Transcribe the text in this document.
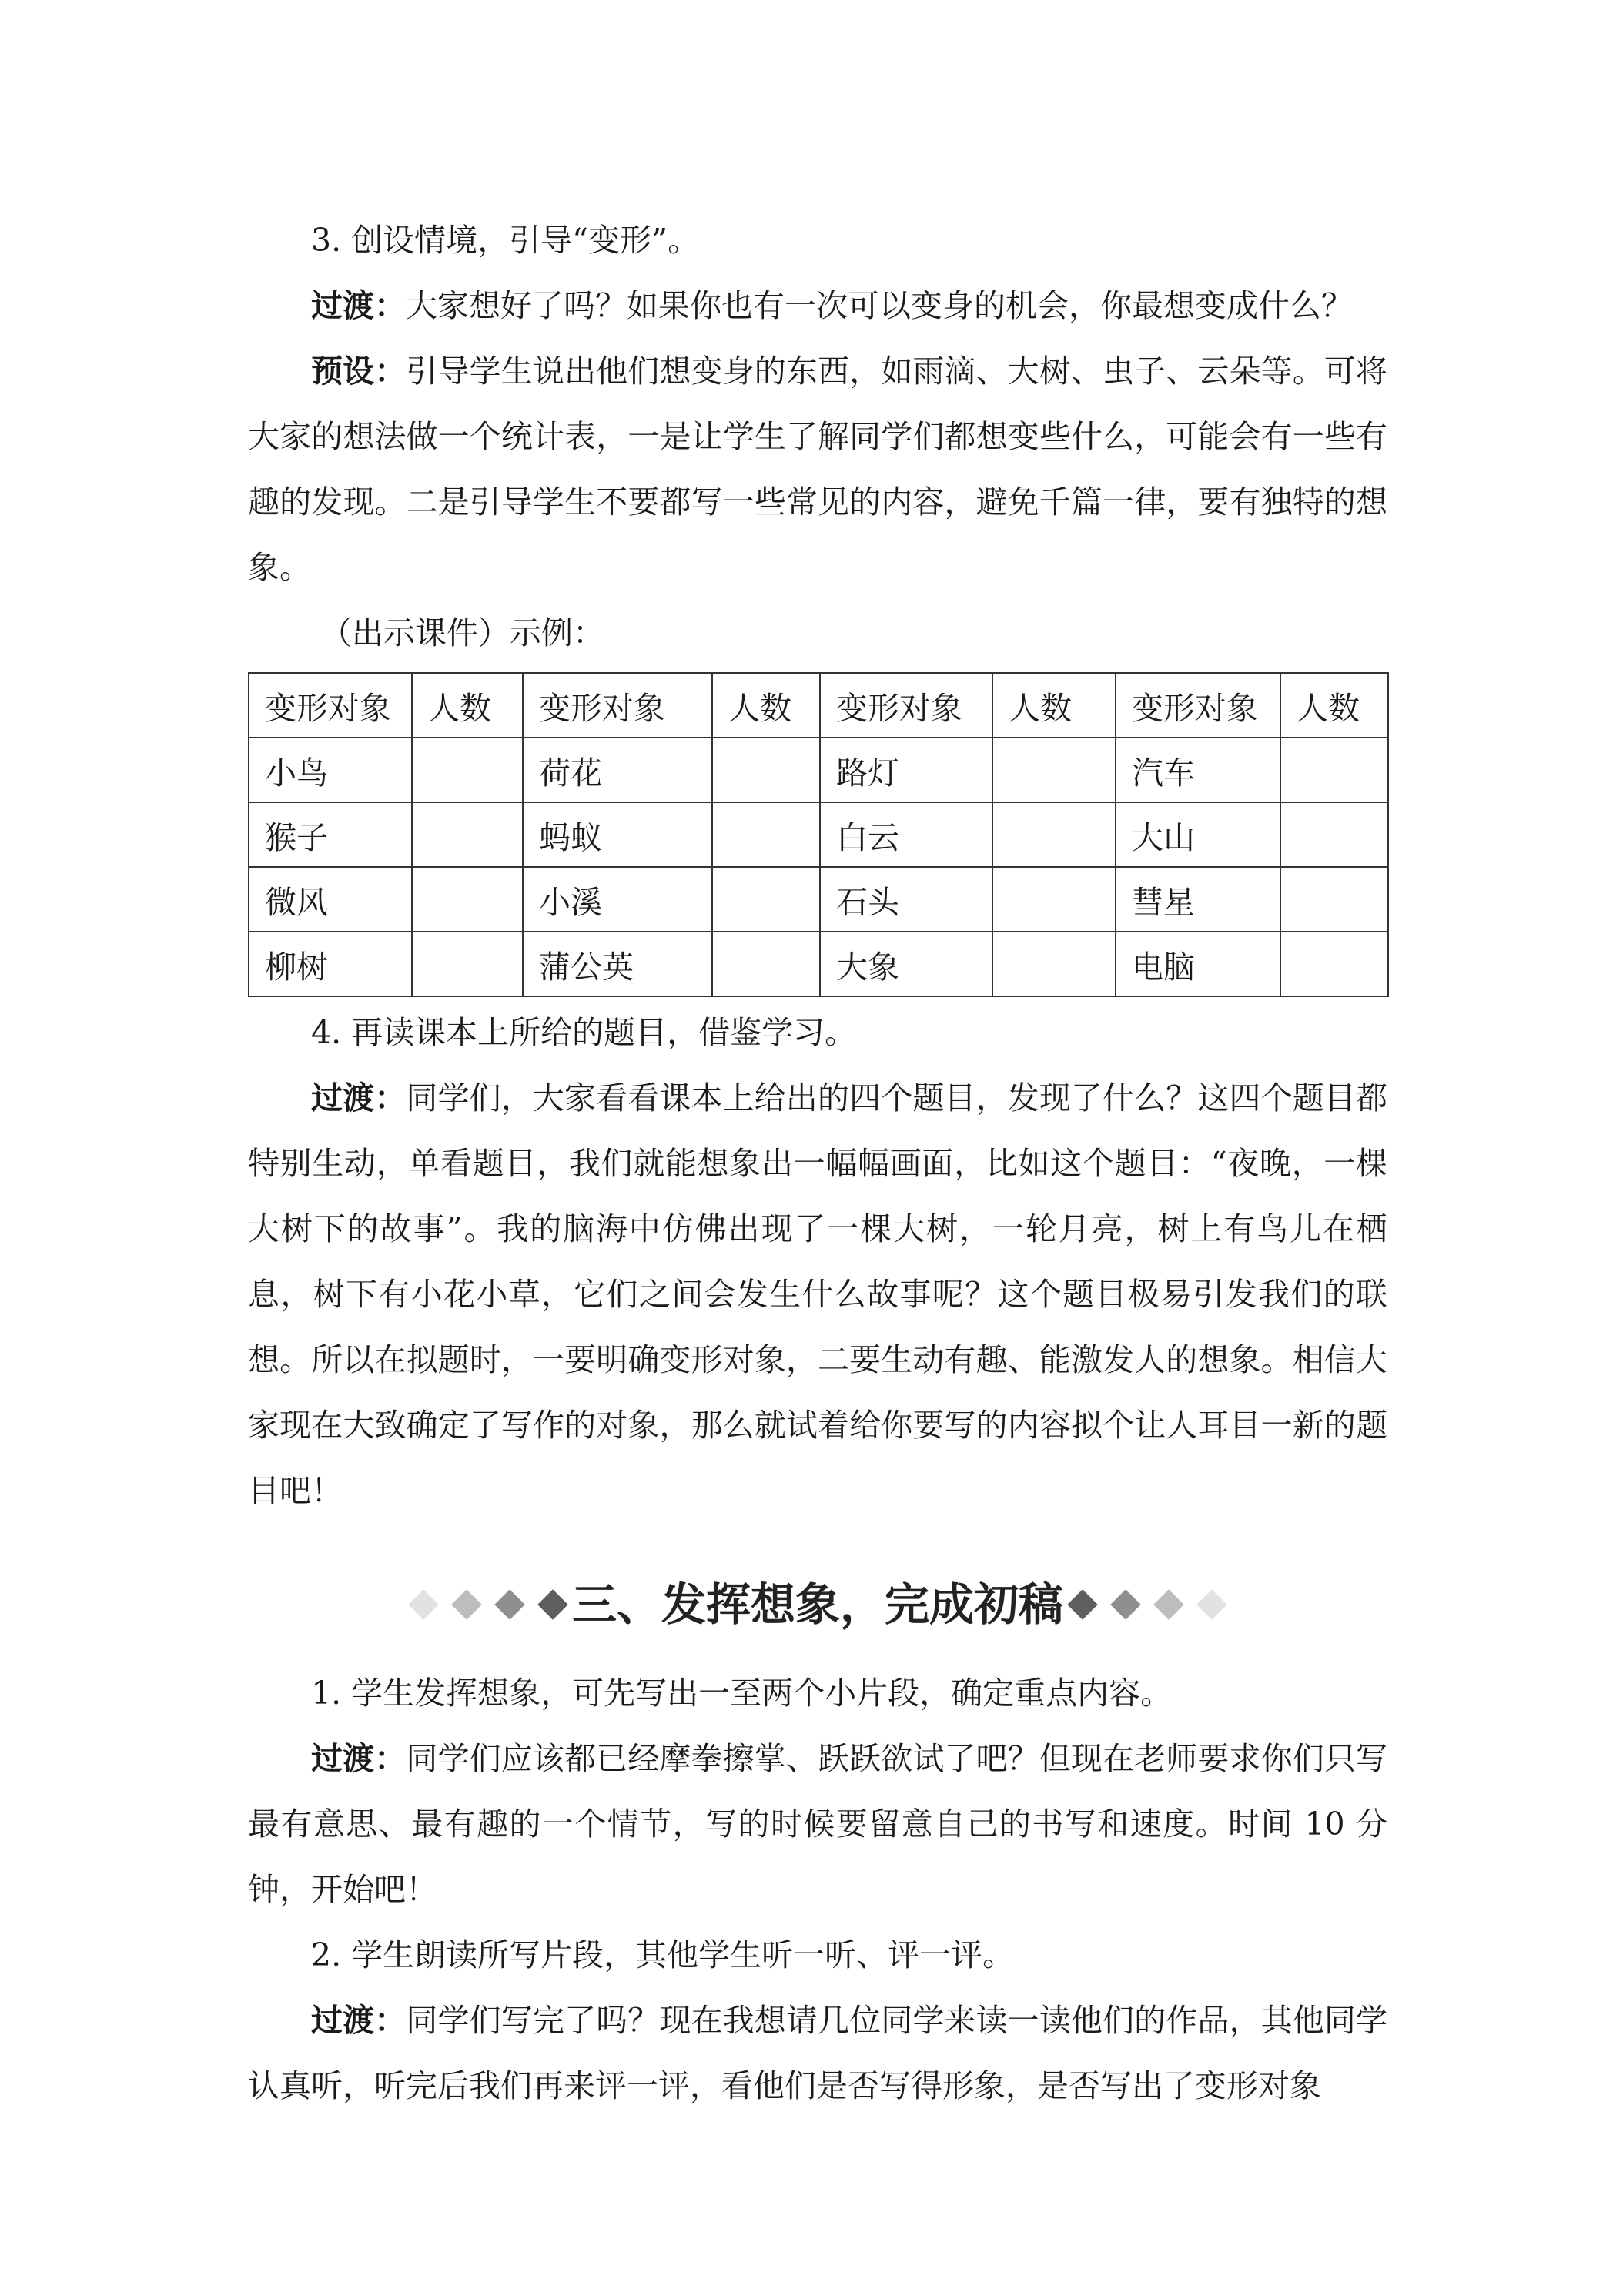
3. 创设情境，引导“变形”。

过渡：大家想好了吗？如果你也有一次可以变身的机会，你最想变成什么？

预设：引导学生说出他们想变身的东西，如雨滴、大树、虫子、云朵等。可将大家的想法做一个统计表，一是让学生了解同学们都想变些什么，可能会有一些有趣的发现。二是引导学生不要都写一些常见的内容，避免千篇一律，要有独特的想象。

（出示课件）示例：

变形对象	人数	变形对象	人数	变形对象	人数	变形对象	人数
小鸟		荷花		路灯		汽车	
猴子		蚂蚁		白云		大山	
微风		小溪		石头		彗星	
柳树		蒲公英		大象		电脑	

4. 再读课本上所给的题目，借鉴学习。

过渡：同学们，大家看看课本上给出的四个题目，发现了什么？这四个题目都特别生动，单看题目，我们就能想象出一幅幅画面，比如这个题目：“夜晚，一棵大树下的故事”。我的脑海中仿佛出现了一棵大树，一轮月亮，树上有鸟儿在栖息，树下有小花小草，它们之间会发生什么故事呢？这个题目极易引发我们的联想。所以在拟题时，一要明确变形对象，二要生动有趣、能激发人的想象。相信大家现在大致确定了写作的对象，那么就试着给你要写的内容拟个让人耳目一新的题目吧！

三、发挥想象，完成初稿

1. 学生发挥想象，可先写出一至两个小片段，确定重点内容。

过渡：同学们应该都已经摩拳擦掌、跃跃欲试了吧？但现在老师要求你们只写最有意思、最有趣的一个情节，写的时候要留意自己的书写和速度。时间 10 分钟，开始吧！

2. 学生朗读所写片段，其他学生听一听、评一评。

过渡：同学们写完了吗？现在我想请几位同学来读一读他们的作品，其他同学认真听，听完后我们再来评一评，看他们是否写得形象，是否写出了变形对象
